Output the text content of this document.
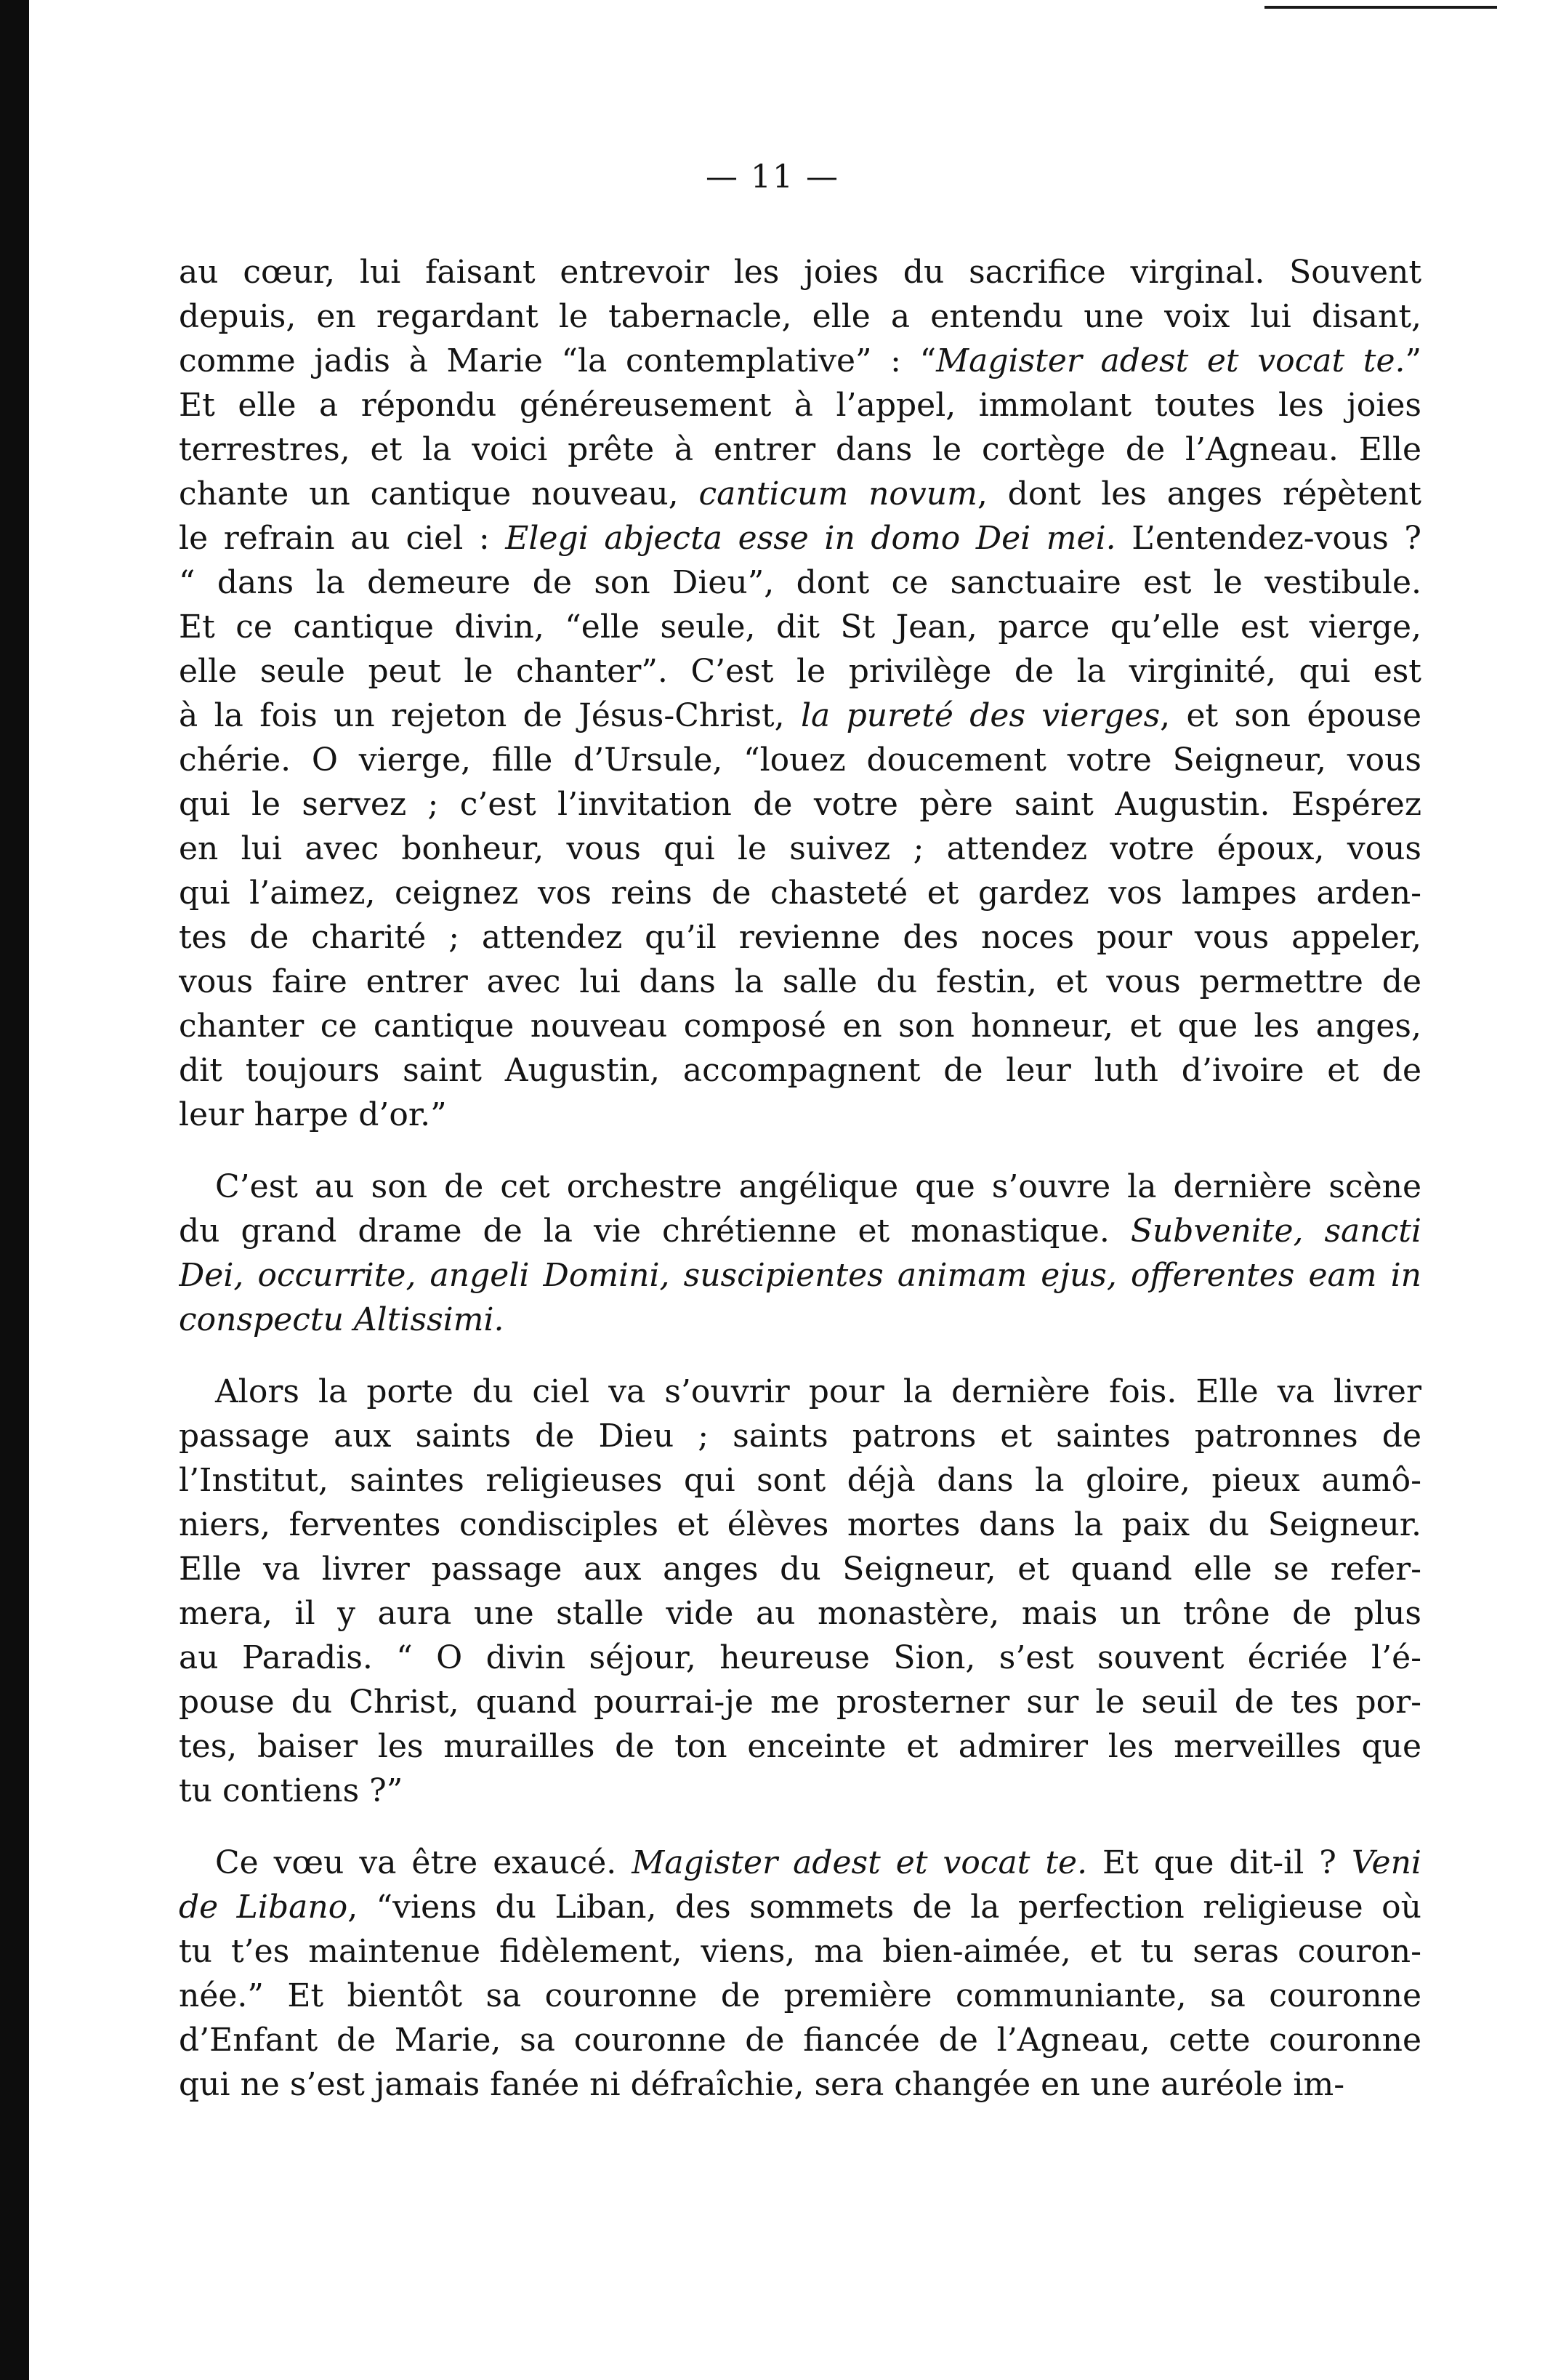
— 11 —
au cœur, lui faisant entrevoir les joies du sacrifice virginal. Souvent
depuis, en regardant le tabernacle, elle a entendu une voix lui disant,
comme jadis à Marie “la contemplative” : “Magister adest et vocat te.”
Et elle a répondu généreusement à l’appel, immolant toutes les joies
terrestres, et la voici prête à entrer dans le cortège de l’Agneau. Elle
chante un cantique nouveau, canticum novum, dont les anges répètent
le refrain au ciel : Elegi abjecta esse in domo Dei mei. L’entendez-vous ?
“ dans la demeure de son Dieu”, dont ce sanctuaire est le vestibule.
Et ce cantique divin, “elle seule, dit St Jean, parce qu’elle est vierge,
elle seule peut le chanter”. C’est le privilège de la virginité, qui est
à la fois un rejeton de Jésus-Christ, la pureté des vierges, et son épouse
chérie. O vierge, fille d’Ursule, “louez doucement votre Seigneur, vous
qui le servez ; c’est l’invitation de votre père saint Augustin. Espérez
en lui avec bonheur, vous qui le suivez ; attendez votre époux, vous
qui l’aimez, ceignez vos reins de chasteté et gardez vos lampes arden-
tes de charité ; attendez qu’il revienne des noces pour vous appeler,
vous faire entrer avec lui dans la salle du festin, et vous permettre de
chanter ce cantique nouveau composé en son honneur, et que les anges,
dit toujours saint Augustin, accompagnent de leur luth d’ivoire et de
leur harpe d’or.”
C’est au son de cet orchestre angélique que s’ouvre la dernière scène
du grand drame de la vie chrétienne et monastique. Subvenite, sancti
Dei, occurrite, angeli Domini, suscipientes animam ejus, offerentes eam in
conspectu Altissimi.
Alors la porte du ciel va s’ouvrir pour la dernière fois. Elle va livrer
passage aux saints de Dieu ; saints patrons et saintes patronnes de
l’Institut, saintes religieuses qui sont déjà dans la gloire, pieux aumô-
niers, ferventes condisciples et élèves mortes dans la paix du Seigneur.
Elle va livrer passage aux anges du Seigneur, et quand elle se refer-
mera, il y aura une stalle vide au monastère, mais un trône de plus
au Paradis. “ O divin séjour, heureuse Sion, s’est souvent écriée l’é-
pouse du Christ, quand pourrai-je me prosterner sur le seuil de tes por-
tes, baiser les murailles de ton enceinte et admirer les merveilles que
tu contiens ?”
Ce vœu va être exaucé. Magister adest et vocat te. Et que dit-il ? Veni
de Libano, “viens du Liban, des sommets de la perfection religieuse où
tu t’es maintenue fidèlement, viens, ma bien-aimée, et tu seras couron-
née.” Et bientôt sa couronne de première communiante, sa couronne
d’Enfant de Marie, sa couronne de fiancée de l’Agneau, cette couronne
qui ne s’est jamais fanée ni défraîchie, sera changée en une auréole im-
